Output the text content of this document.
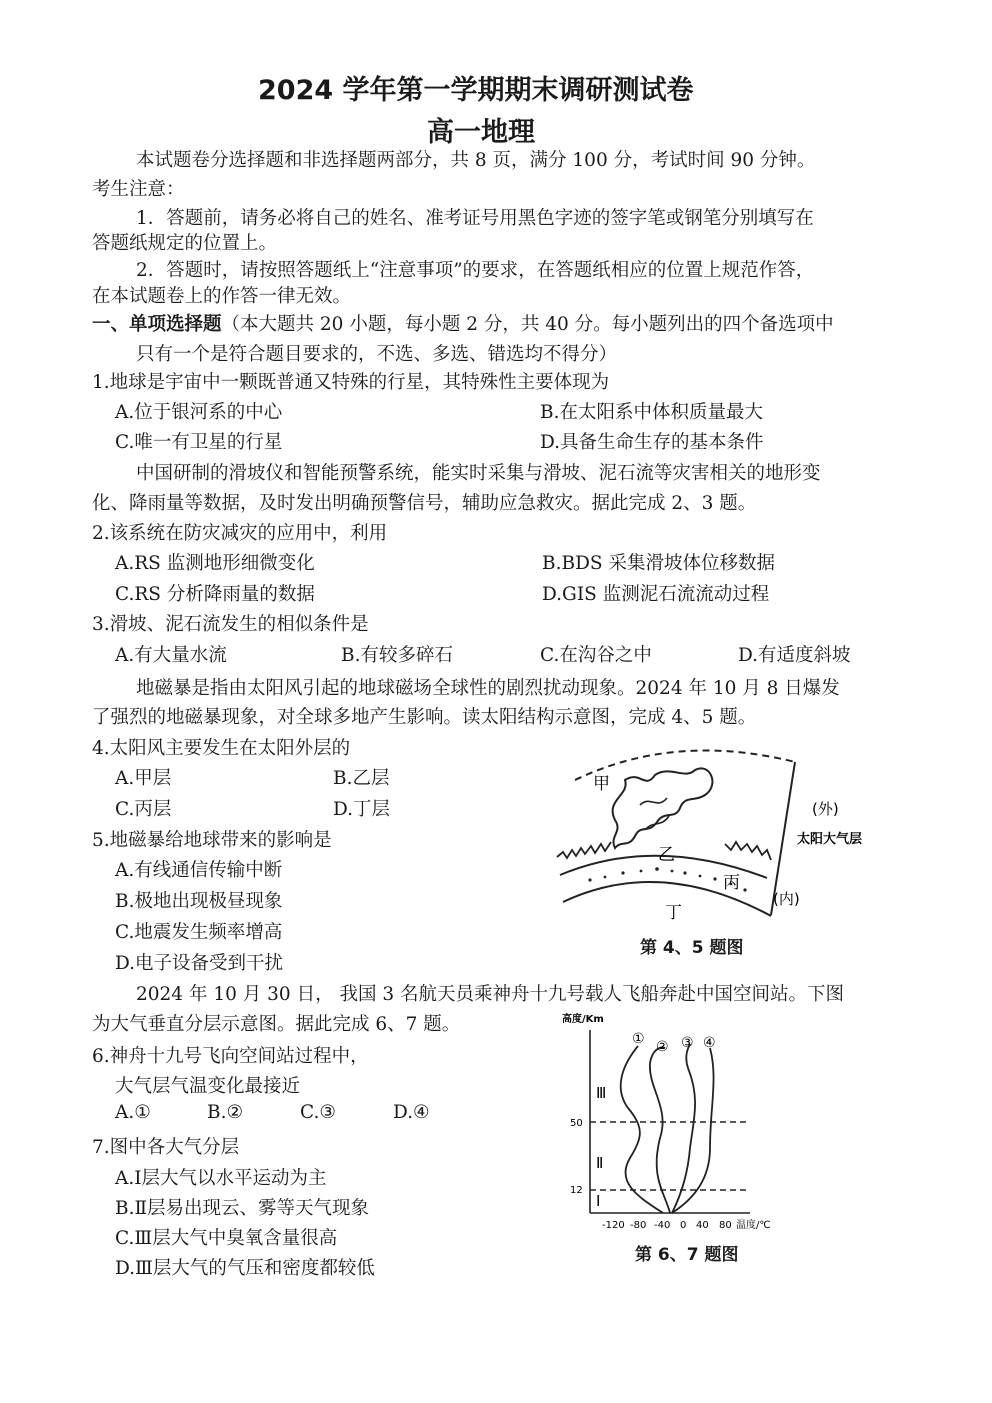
2024 学年第一学期期末调研测试卷
高一地理
本试题卷分选择题和非选择题两部分，共 8 页，满分 100 分，考试时间 90 分钟。
考生注意：
1．答题前，请务必将自己的姓名、准考证号用黑色字迹的签字笔或钢笔分别填写在
答题纸规定的位置上。
2．答题时，请按照答题纸上“注意事项”的要求，在答题纸相应的位置上规范作答，
在本试题卷上的作答一律无效。
一、单项选择题（本大题共 20 小题，每小题 2 分，共 40 分。每小题列出的四个备选项中
只有一个是符合题目要求的，不选、多选、错选均不得分）
1.地球是宇宙中一颗既普通又特殊的行星，其特殊性主要体现为
A.位于银河系的中心	B.在太阳系中体积质量最大
C.唯一有卫星的行星	D.具备生命生存的基本条件
中国研制的滑坡仪和智能预警系统，能实时采集与滑坡、泥石流等灾害相关的地形变
化、降雨量等数据，及时发出明确预警信号，辅助应急救灾。据此完成 2、3 题。
2.该系统在防灾减灾的应用中，利用
A.RS 监测地形细微变化	B.BDS 采集滑坡体位移数据
C.RS 分析降雨量的数据	D.GIS 监测泥石流流动过程
3.滑坡、泥石流发生的相似条件是
A.有大量水流	B.有较多碎石	C.在沟谷之中	D.有适度斜坡
地磁暴是指由太阳风引起的地球磁场全球性的剧烈扰动现象。2024 年 10 月 8 日爆发
了强烈的地磁暴现象，对全球多地产生影响。读太阳结构示意图，完成 4、5 题。
4.太阳风主要发生在太阳外层的
A.甲层	B.乙层
C.丙层	D.丁层
5.地磁暴给地球带来的影响是
A.有线通信传输中断
B.极地出现极昼现象
C.地震发生频率增高
D.电子设备受到干扰
甲
乙
丙
丁
(外)
(内)
太阳大气层
第 4、5 题图
2024 年 10 月 30 日， 我国 3 名航天员乘神舟十九号载人飞船奔赴中国空间站。下图
为大气垂直分层示意图。据此完成 6、7 题。
6.神舟十九号飞向空间站过程中，
大气层气温变化最接近
A.①	B.②	C.③	D.④
7.图中各大气分层
A.Ⅰ层大气以水平运动为主
B.Ⅱ层易出现云、雾等天气现象
C.Ⅲ层大气中臭氧含量很高
D.Ⅲ层大气的气压和密度都较低
高度/Km
50
12
Ⅲ
Ⅱ
Ⅰ
① ② ③ ④
-120 -80 -40 0 40 80 温度/℃
第 6、7 题图
